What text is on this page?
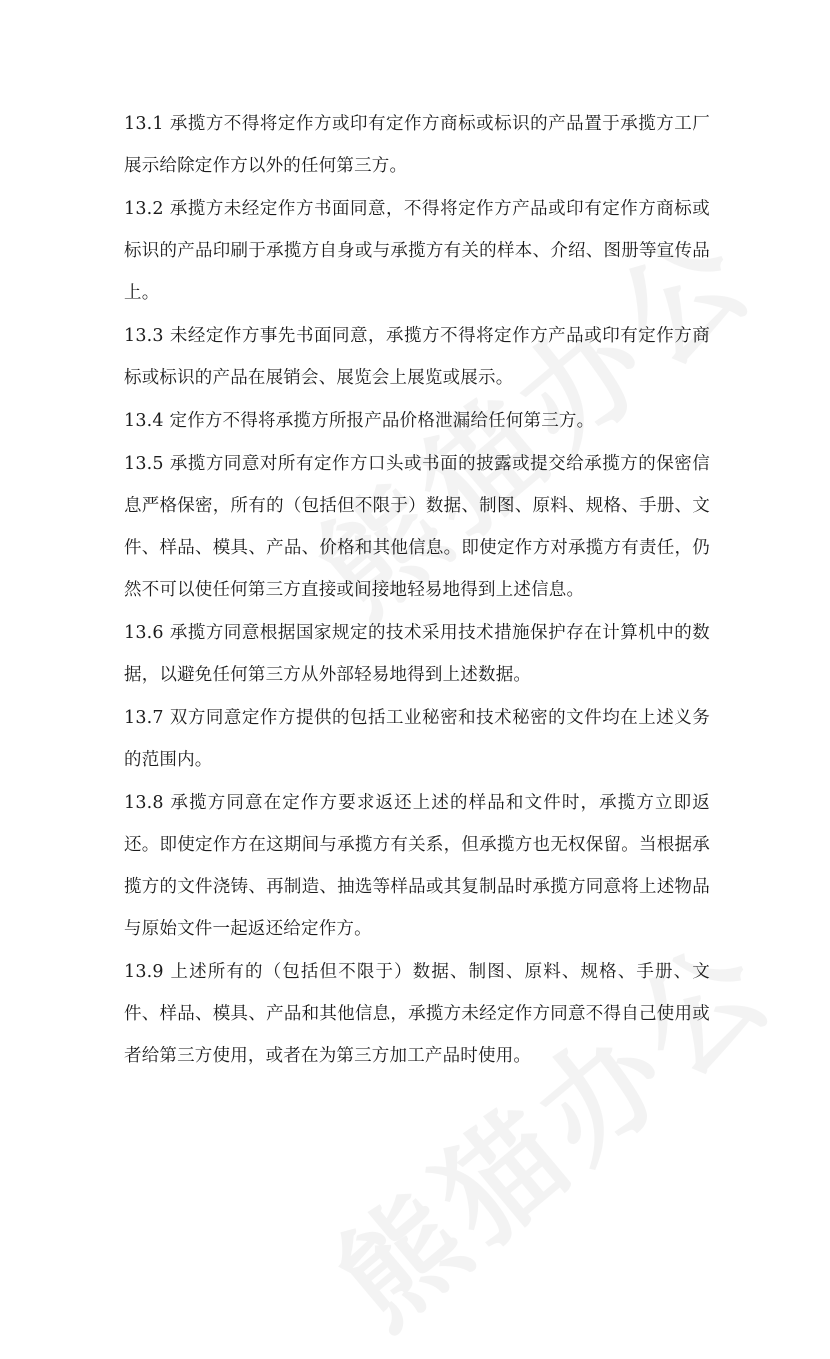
13.1 承揽方不得将定作方或印有定作方商标或标识的产品置于承揽方工厂展示给除定作方以外的任何第三方。

13.2 承揽方未经定作方书面同意，不得将定作方产品或印有定作方商标或标识的产品印刷于承揽方自身或与承揽方有关的样本、介绍、图册等宣传品上。

13.3 未经定作方事先书面同意，承揽方不得将定作方产品或印有定作方商标或标识的产品在展销会、展览会上展览或展示。

13.4 定作方不得将承揽方所报产品价格泄漏给任何第三方。

13.5 承揽方同意对所有定作方口头或书面的披露或提交给承揽方的保密信息严格保密，所有的（包括但不限于）数据、制图、原料、规格、手册、文件、样品、模具、产品、价格和其他信息。即使定作方对承揽方有责任，仍然不可以使任何第三方直接或间接地轻易地得到上述信息。

13.6 承揽方同意根据国家规定的技术采用技术措施保护存在计算机中的数据，以避免任何第三方从外部轻易地得到上述数据。

13.7 双方同意定作方提供的包括工业秘密和技术秘密的文件均在上述义务的范围内。

13.8 承揽方同意在定作方要求返还上述的样品和文件时，承揽方立即返还。即使定作方在这期间与承揽方有关系，但承揽方也无权保留。当根据承揽方的文件浇铸、再制造、抽选等样品或其复制品时承揽方同意将上述物品与原始文件一起返还给定作方。

13.9 上述所有的（包括但不限于）数据、制图、原料、规格、手册、文件、样品、模具、产品和其他信息，承揽方未经定作方同意不得自己使用或者给第三方使用，或者在为第三方加工产品时使用。
